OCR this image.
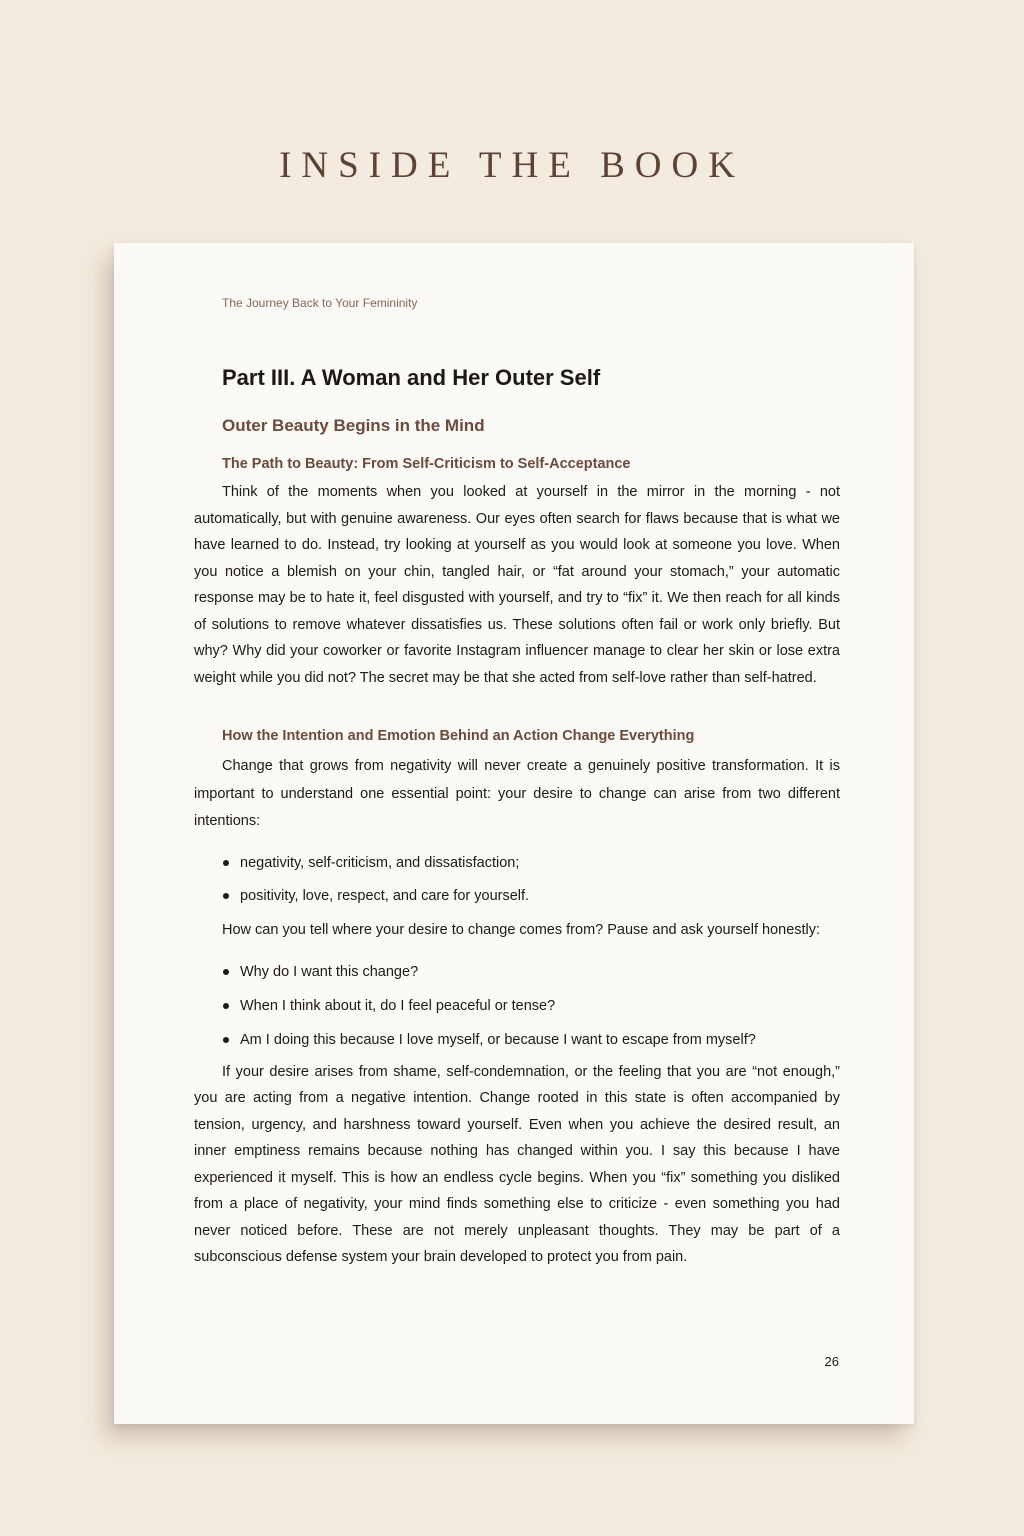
INSIDE THE BOOK

The Journey Back to Your Femininity

Part III. A Woman and Her Outer Self
Outer Beauty Begins in the Mind
The Path to Beauty: From Self-Criticism to Self-Acceptance

Think of the moments when you looked at yourself in the mirror in the morning - not automatically, but with genuine awareness. Our eyes often search for flaws because that is what we have learned to do. Instead, try looking at yourself as you would look at someone you love. When you notice a blemish on your chin, tangled hair, or “fat around your stomach,” your automatic response may be to hate it, feel disgusted with yourself, and try to “fix” it. We then reach for all kinds of solutions to remove whatever dissatisfies us. These solutions often fail or work only briefly. But why? Why did your coworker or favorite Instagram influencer manage to clear her skin or lose extra weight while you did not? The secret may be that she acted from self-love rather than self-hatred.

How the Intention and Emotion Behind an Action Change Everything

Change that grows from negativity will never create a genuinely positive transformation. It is important to understand one essential point: your desire to change can arise from two different intentions:

negativity, self-criticism, and dissatisfaction;
positivity, love, respect, and care for yourself.

How can you tell where your desire to change comes from? Pause and ask yourself honestly:

Why do I want this change?
When I think about it, do I feel peaceful or tense?
Am I doing this because I love myself, or because I want to escape from myself?

If your desire arises from shame, self-condemnation, or the feeling that you are “not enough,” you are acting from a negative intention. Change rooted in this state is often accompanied by tension, urgency, and harshness toward yourself. Even when you achieve the desired result, an inner emptiness remains because nothing has changed within you. I say this because I have experienced it myself. This is how an endless cycle begins. When you “fix” something you disliked from a place of negativity, your mind finds something else to criticize - even something you had never noticed before. These are not merely unpleasant thoughts. They may be part of a subconscious defense system your brain developed to protect you from pain.

26
